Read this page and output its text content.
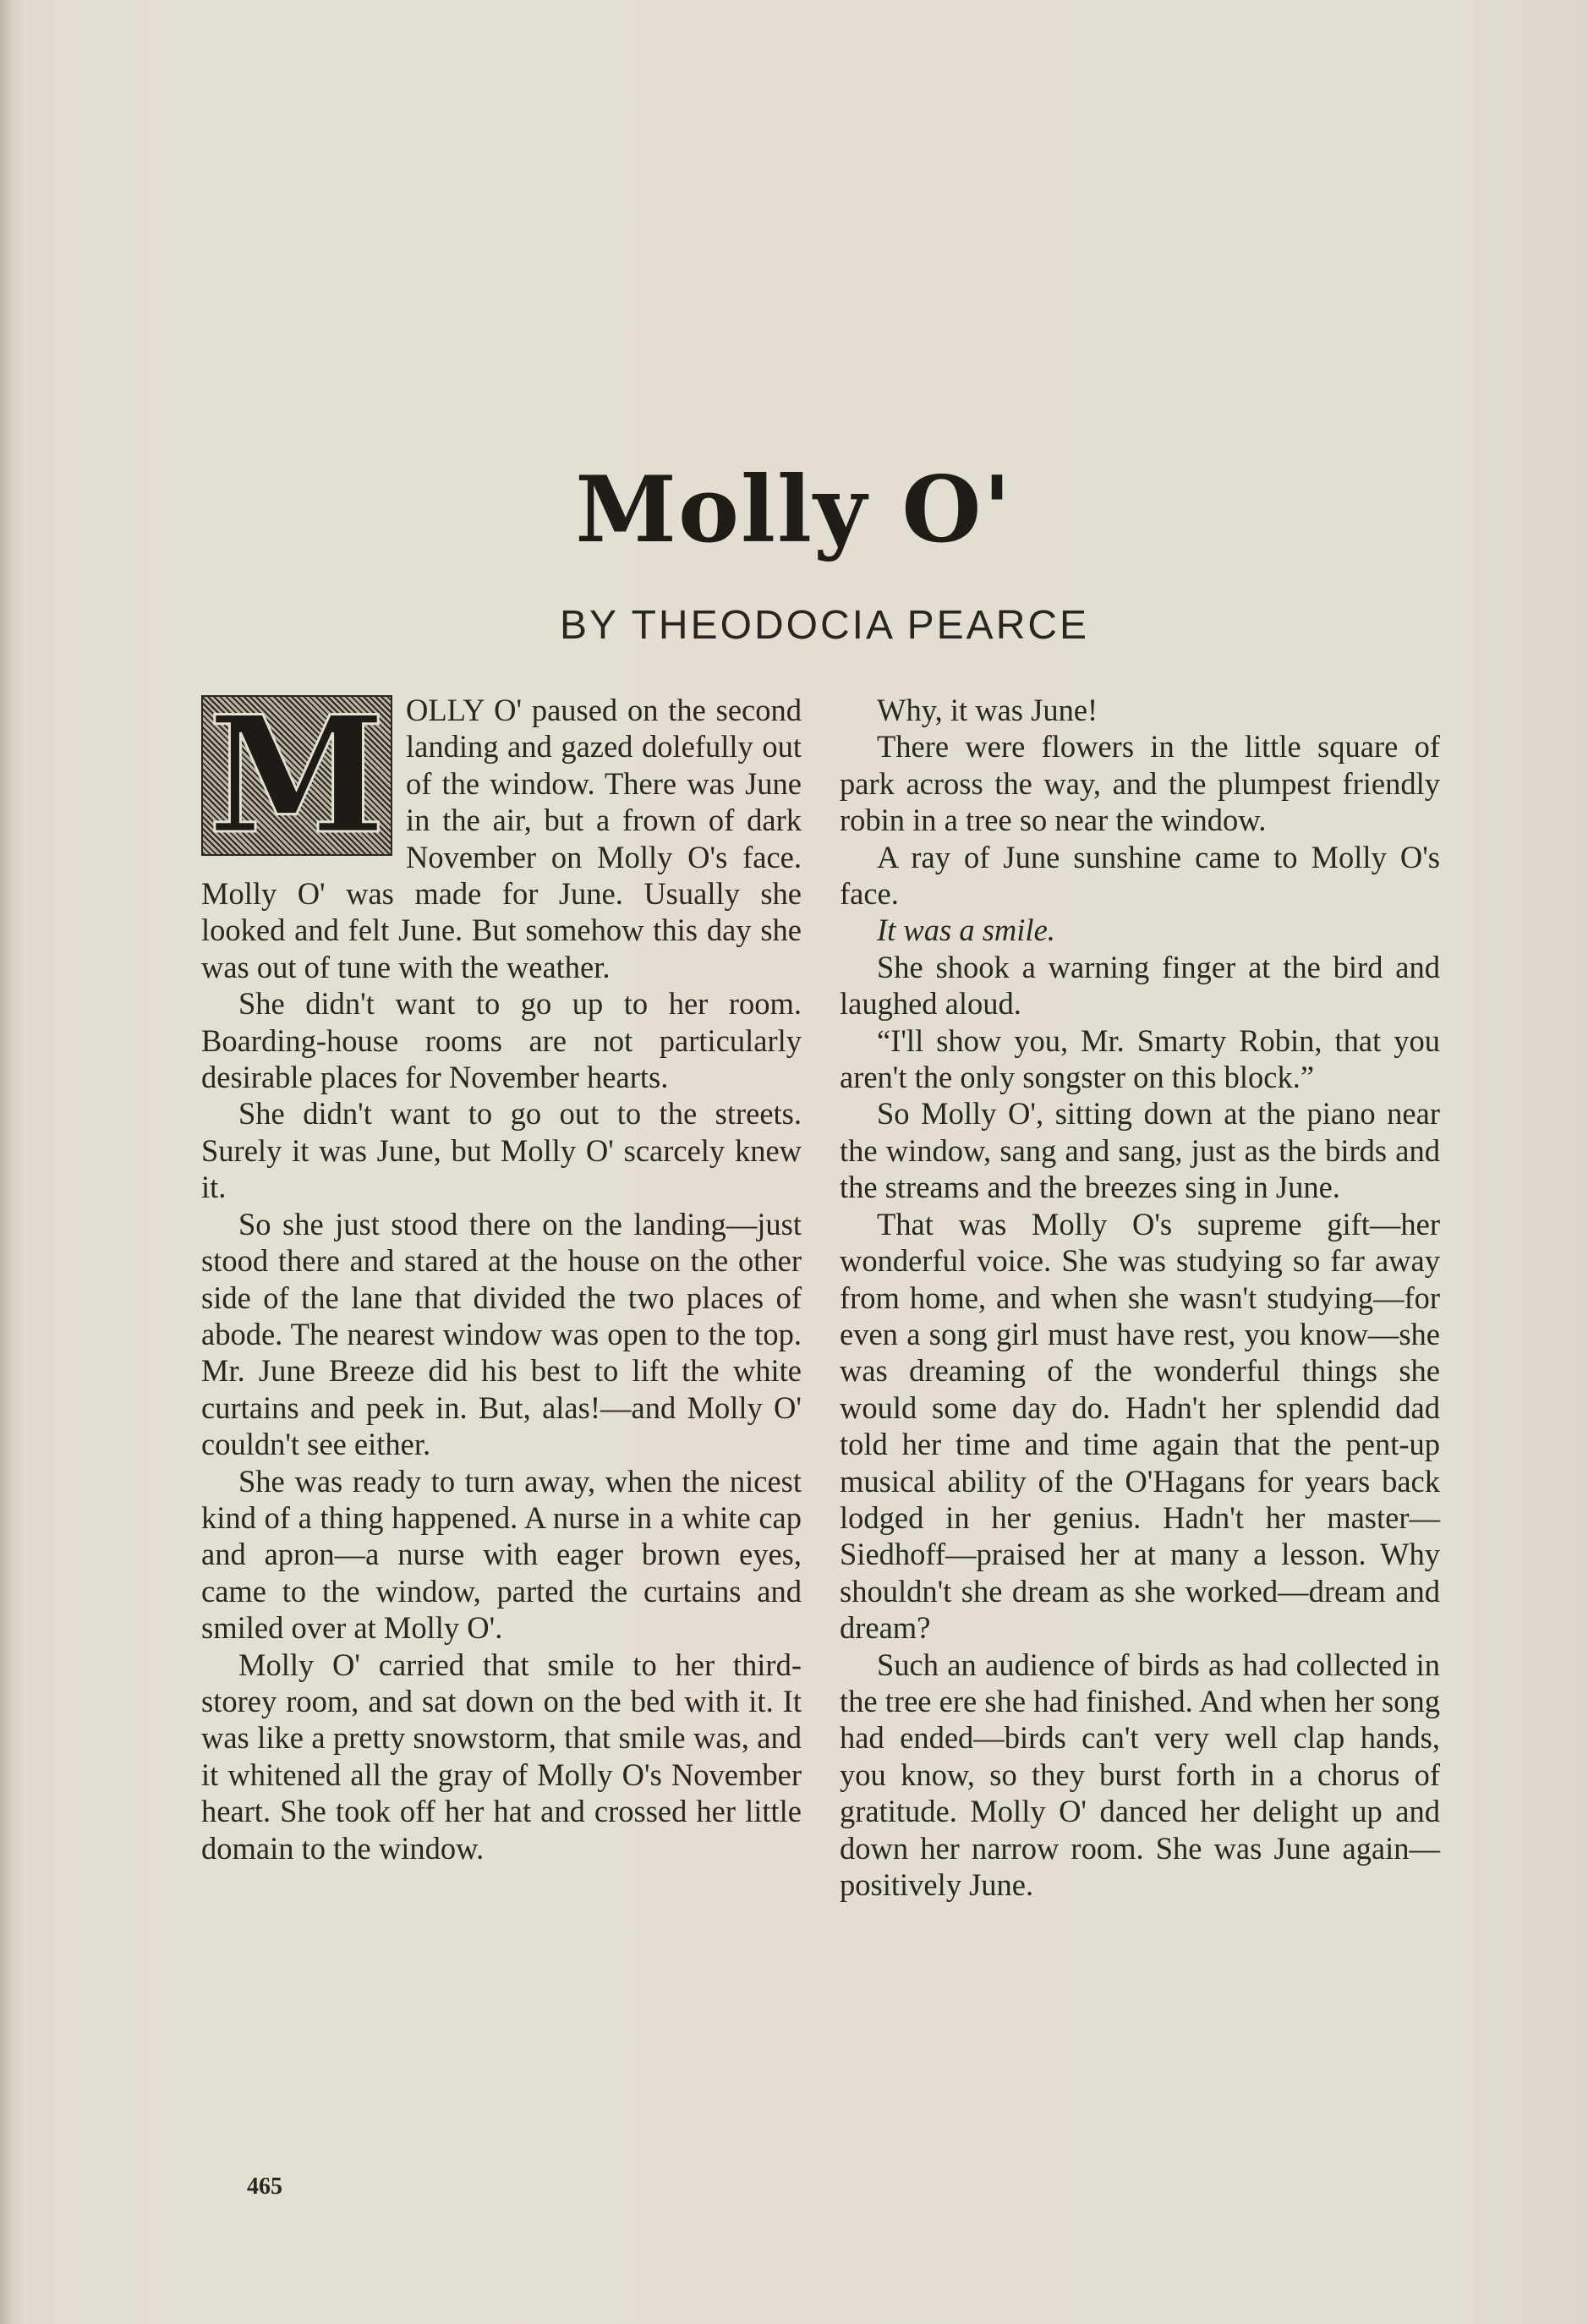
Molly O'
BY THEODOCIA PEARCE

M OLLY O' paused on the second landing and gazed dolefully out of the window. There was June in the air, but a frown of dark November on Molly O's face. Molly O' was made for June. Usually she looked and felt June. But somehow this day she was out of tune with the weather.

She didn't want to go up to her room. Boarding-house rooms are not particularly desirable places for November hearts.

She didn't want to go out to the streets. Surely it was June, but Molly O' scarcely knew it.

So she just stood there on the landing—just stood there and stared at the house on the other side of the lane that divided the two places of abode. The nearest window was open to the top. Mr. June Breeze did his best to lift the white curtains and peek in. But, alas!—and Molly O' couldn't see either.

She was ready to turn away, when the nicest kind of a thing happened. A nurse in a white cap and apron—a nurse with eager brown eyes, came to the window, parted the curtains and smiled over at Molly O'.

Molly O' carried that smile to her third-storey room, and sat down on the bed with it. It was like a pretty snowstorm, that smile was, and it whitened all the gray of Molly O's November heart. She took off her hat and crossed her little domain to the window.

Why, it was June!

There were flowers in the little square of park across the way, and the plumpest friendly robin in a tree so near the window.

A ray of June sunshine came to Molly O's face.

It was a smile.

She shook a warning finger at the bird and laughed aloud.

“I'll show you, Mr. Smarty Robin, that you aren't the only songster on this block.”

So Molly O', sitting down at the piano near the window, sang and sang, just as the birds and the streams and the breezes sing in June.

That was Molly O's supreme gift—her wonderful voice. She was studying so far away from home, and when she wasn't studying—for even a song girl must have rest, you know—she was dreaming of the wonderful things she would some day do. Hadn't her splendid dad told her time and time again that the pent-up musical ability of the O'Hagans for years back lodged in her genius. Hadn't her master—Siedhoff—praised her at many a lesson. Why shouldn't she dream as she worked—dream and dream?

Such an audience of birds as had collected in the tree ere she had finished. And when her song had ended—birds can't very well clap hands, you know, so they burst forth in a chorus of gratitude. Molly O' danced her delight up and down her narrow room. She was June again—positively June.

465
